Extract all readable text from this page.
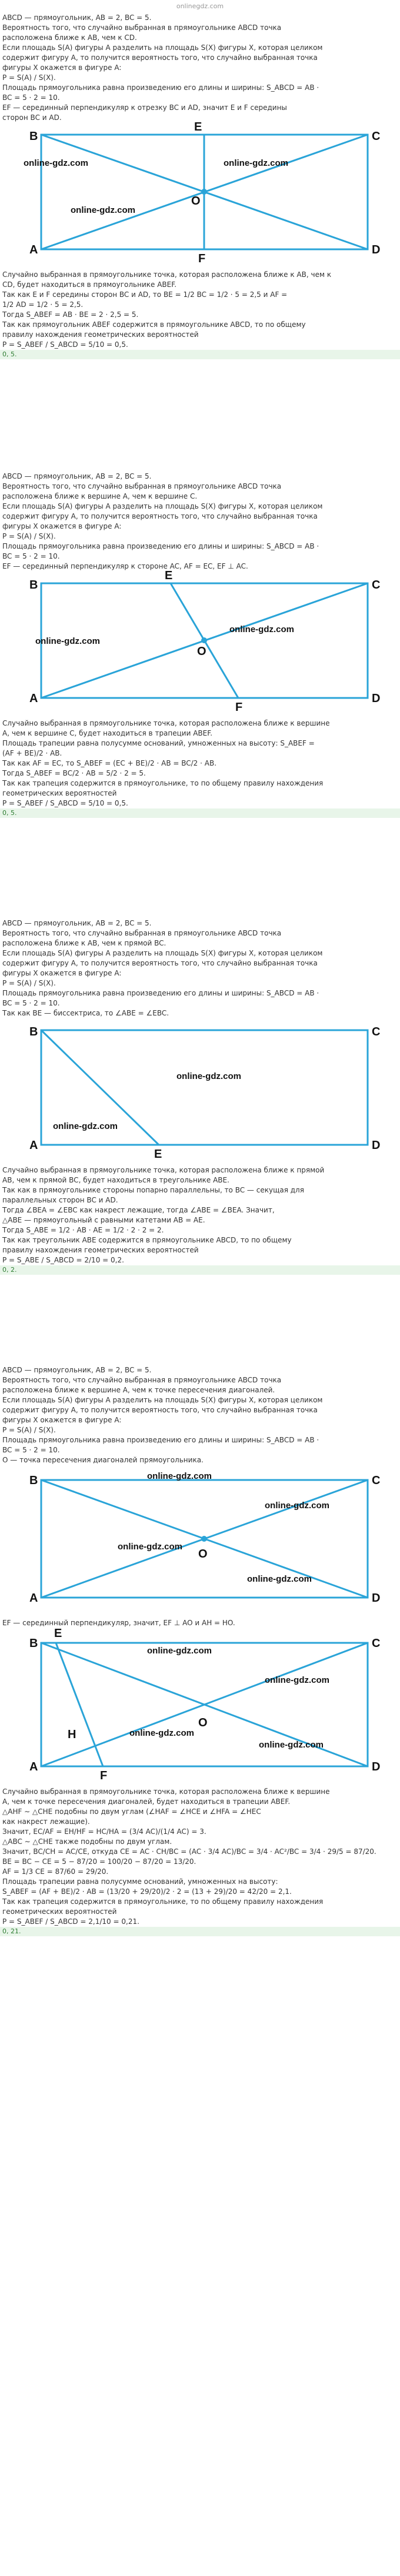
onlinegdz.com

ABCD — прямоугольник, AB = 2, BC = 5.

Вероятность того, что случайно выбранная в прямоугольнике ABCD точка

расположена ближе к AB, чем к CD.

Если площадь S(A) фигуры A разделить на площадь S(X) фигуры X, которая целиком

содержит фигуру A, то получится вероятность того, что случайно выбранная точка

фигуры X окажется в фигуре A:

P = S(A) / S(X).

Площадь прямоугольника равна произведению его длины и ширины: S_ABCD = AB ·

BC = 5 · 2 = 10.

EF — серединный перпендикуляр к отрезку BC и AD, значит E и F середины

сторон BC и AD.

B
E
C
A
F
D
O
online-gdz.com	online-gdz.com
online-gdz.com

Случайно выбранная в прямоугольнике точка, которая расположена ближе к AB, чем к

CD, будет находиться в прямоугольнике ABEF.

Так как E и F середины сторон BC и AD, то BE = 1/2 BC = 1/2 · 5 = 2,5 и AF =

1/2 AD = 1/2 · 5 = 2,5.

Тогда S_ABEF = AB · BE = 2 · 2,5 = 5.

Так как прямоугольник ABEF содержится в прямоугольнике ABCD, то по общему

правилу нахождения геометрических вероятностей

P = S_ABEF / S_ABCD = 5/10 = 0,5.

0, 5.

ABCD — прямоугольник, AB = 2, BC = 5.

Вероятность того, что случайно выбранная в прямоугольнике ABCD точка

расположена ближе к вершине A, чем к вершине C.

Если площадь S(A) фигуры A разделить на площадь S(X) фигуры X, которая целиком

содержит фигуру A, то получится вероятность того, что случайно выбранная точка

фигуры X окажется в фигуре A:

P = S(A) / S(X).

Площадь прямоугольника равна произведению его длины и ширины: S_ABCD = AB ·

BC = 5 · 2 = 10.

EF — серединный перпендикуляр к стороне AC, AF = EC, EF ⊥ AC.

B
E
C
A
F
D
O
online-gdz.com
online-gdz.com

Случайно выбранная в прямоугольнике точка, которая расположена ближе к вершине

A, чем к вершине C, будет находиться в трапеции ABEF.

Площадь трапеции равна полусумме оснований, умноженных на высоту: S_ABEF =

(AF + BE)/2 · AB.

Так как AF = EC, то S_ABEF = (EC + BE)/2 · AB = BC/2 · AB.

Тогда S_ABEF = BC/2 · AB = 5/2 · 2 = 5.

Так как трапеция содержится в прямоугольнике, то по общему правилу нахождения

геометрических вероятностей

P = S_ABEF / S_ABCD = 5/10 = 0,5.

0, 5.

ABCD — прямоугольник, AB = 2, BC = 5.

Вероятность того, что случайно выбранная в прямоугольнике ABCD точка

расположена ближе к AB, чем к прямой BC.

Если площадь S(A) фигуры A разделить на площадь S(X) фигуры X, которая целиком

содержит фигуру A, то получится вероятность того, что случайно выбранная точка

фигуры X окажется в фигуре A:

P = S(A) / S(X).

Площадь прямоугольника равна произведению его длины и ширины: S_ABCD = AB ·

BC = 5 · 2 = 10.

Так как BE — биссектриса, то ∠ABE = ∠EBC.

B	C
A
E
D
online-gdz.com
online-gdz.com

Случайно выбранная в прямоугольнике точка, которая расположена ближе к прямой

AB, чем к прямой BC, будет находиться в треугольнике ABE.

Так как в прямоугольнике стороны попарно параллельны, то BC — секущая для

параллельных сторон BC и AD.

Тогда ∠BEA = ∠EBC как накрест лежащие, тогда ∠ABE = ∠BEA. Значит,

△ABE — прямоугольный с равными катетами AB = AE.

Тогда S_ABE = 1/2 · AB · AE = 1/2 · 2 · 2 = 2.

Так как треугольник ABE содержится в прямоугольнике ABCD, то по общему

правилу нахождения геометрических вероятностей

P = S_ABE / S_ABCD = 2/10 = 0,2.

0, 2.

ABCD — прямоугольник, AB = 2, BC = 5.

Вероятность того, что случайно выбранная в прямоугольнике ABCD точка

расположена ближе к вершине A, чем к точке пересечения диагоналей.

Если площадь S(A) фигуры A разделить на площадь S(X) фигуры X, которая целиком

содержит фигуру A, то получится вероятность того, что случайно выбранная точка

фигуры X окажется в фигуре A:

P = S(A) / S(X).

Площадь прямоугольника равна произведению его длины и ширины: S_ABCD = AB ·

BC = 5 · 2 = 10.

O — точка пересечения диагоналей прямоугольника.

B	C
A
O
D
online-gdz.com
online-gdz.com
online-gdz.com
online-gdz.com

EF — серединный перпендикуляр, значит, EF ⊥ AO и AH = HO.

B
E
C
A
F
H
O
D
online-gdz.com
online-gdz.com
online-gdz.com
online-gdz.com

Случайно выбранная в прямоугольнике точка, которая расположена ближе к вершине

A, чем к точке пересечения диагоналей, будет находиться в трапеции ABEF.

△AHF ∼ △CHE подобны по двум углам (∠HAF = ∠HCE и ∠HFA = ∠HEC

как накрест лежащие).

Значит, EC/AF = EH/HF = HC/HA = (3/4 AC)/(1/4 AC) = 3.

△ABC ∼ △CHE также подобны по двум углам.

Значит, BC/CH = AC/CE, откуда CE = AC · CH/BC = (AC · 3/4 AC)/BC = 3/4 · AC²/BC = 3/4 · 29/5 = 87/20.

BE = BC − CE = 5 − 87/20 = 100/20 − 87/20 = 13/20.

AF = 1/3 CE = 87/60 = 29/20.

Площадь трапеции равна полусумме оснований, умноженных на высоту:

S_ABEF = (AF + BE)/2 · AB = (13/20 + 29/20)/2 · 2 = (13 + 29)/20 = 42/20 = 2,1.

Так как трапеция содержится в прямоугольнике, то по общему правилу нахождения

геометрических вероятностей

P = S_ABEF / S_ABCD = 2,1/10 = 0,21.

0, 21.
